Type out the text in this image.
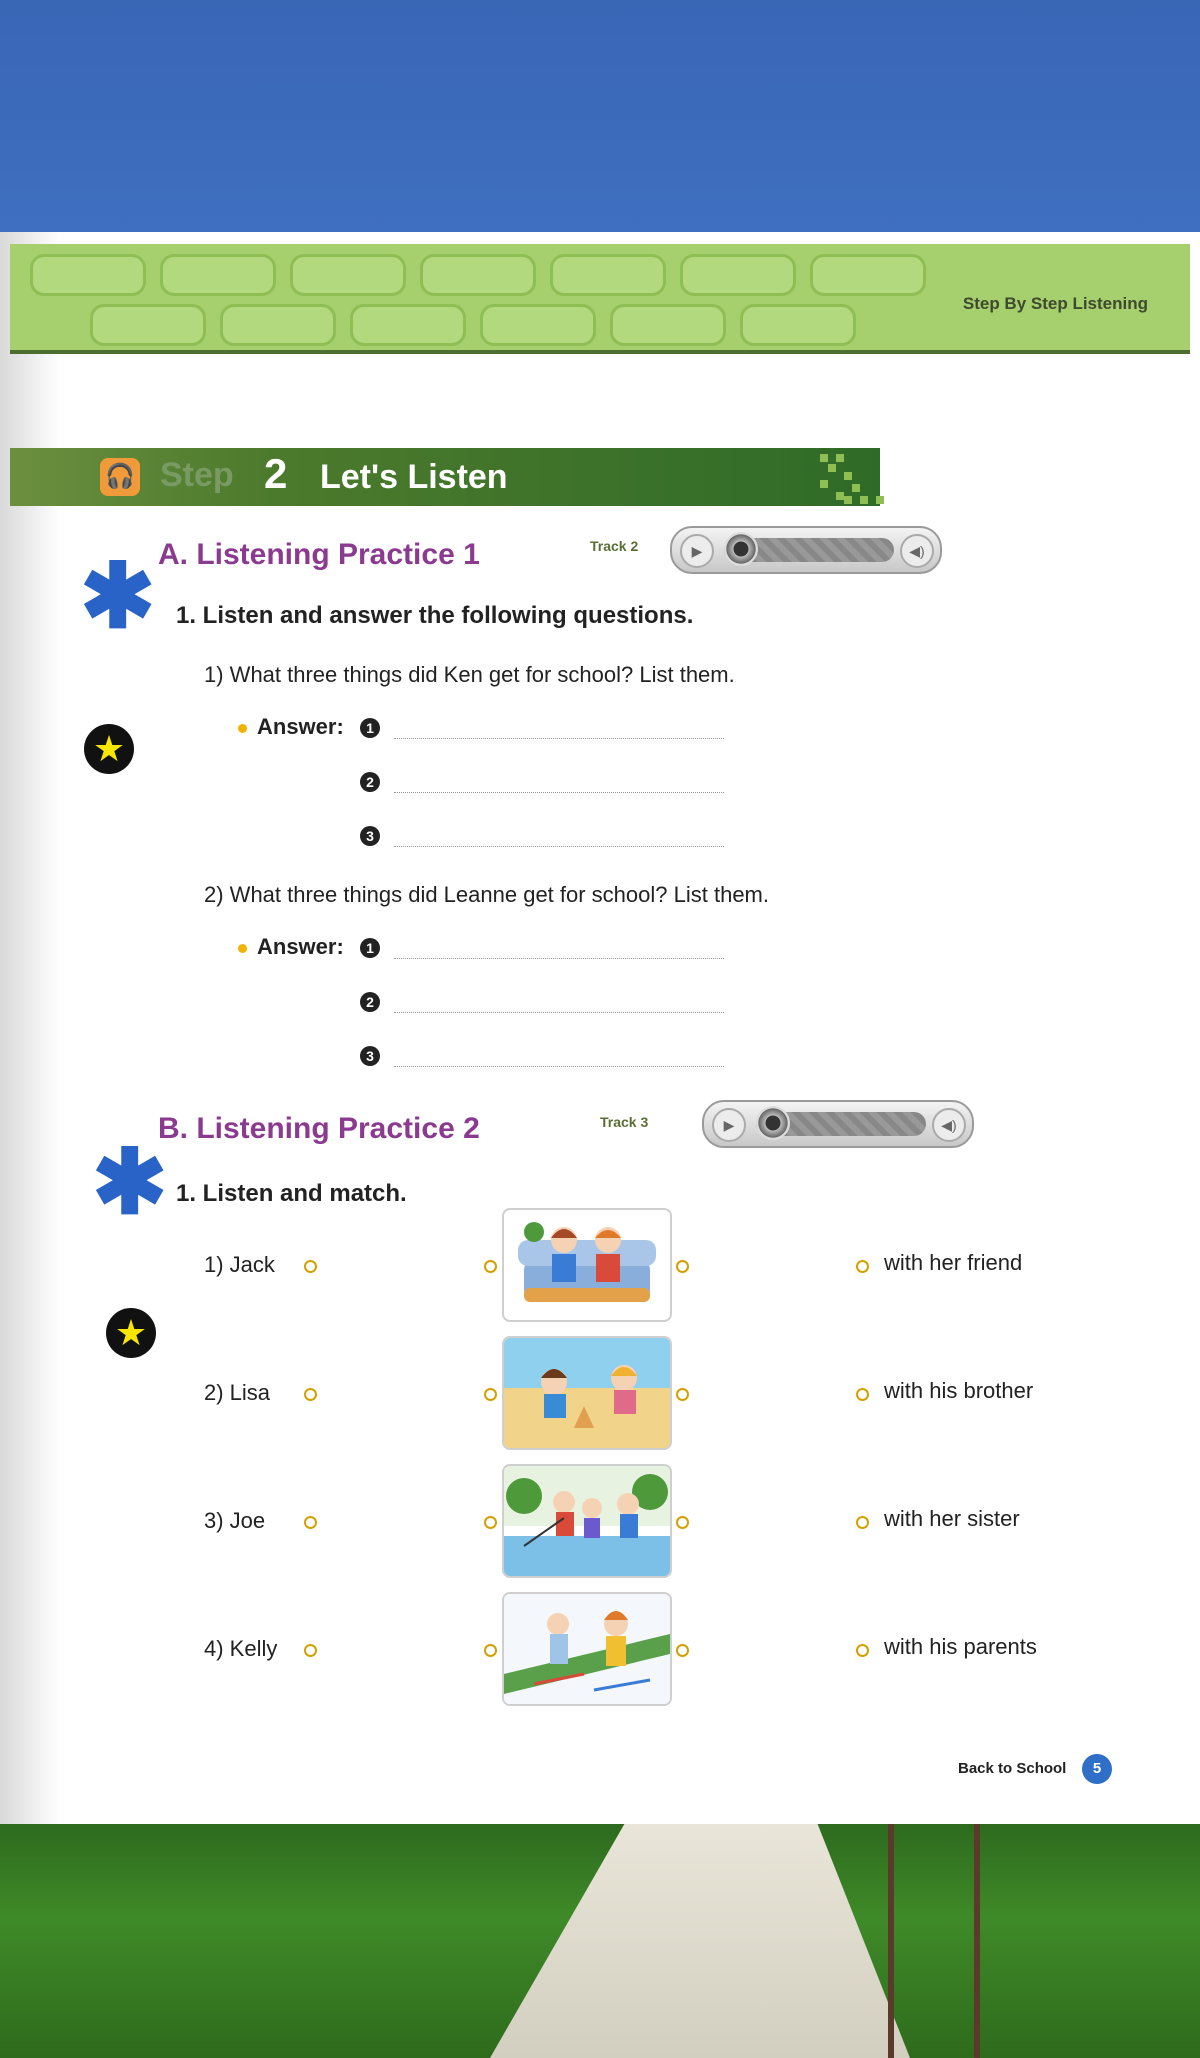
Step By Step Listening
🎧 Step 2 Let's Listen
A. Listening Practice 1	Track 2	▶	◀)
✱ 1. Listen and answer the following questions.
1) What three things did Ken get for school? List them.
★
Answer:	1
2
3
2) What three things did Leanne get for school? List them.
Answer:	1
2
3
B. Listening Practice 2	Track 3	▶	◀)
✱ 1. Listen and match.
★
1) Jack	with her friend
2) Lisa	with his brother
3) Joe	with her sister
4) Kelly	with his parents
Back to School	5
